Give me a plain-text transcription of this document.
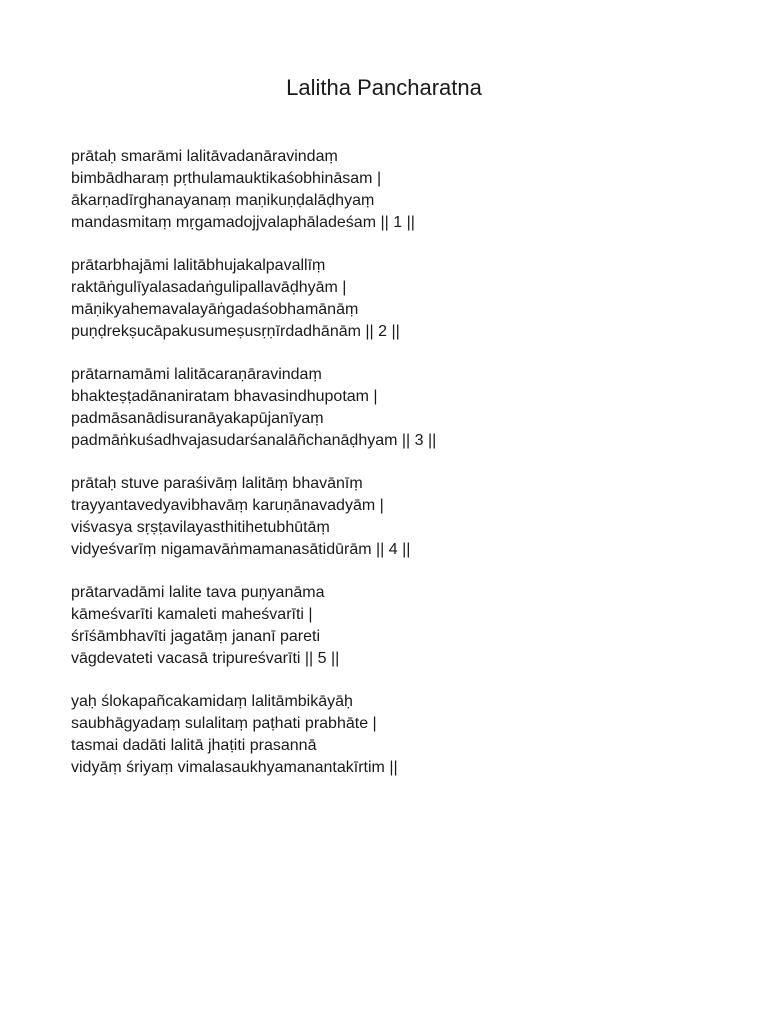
Lalitha Pancharatna
prātaḥ smarāmi lalitāvadanāravindaṃ
bimbādharaṃ pṛthulamauktikaśobhināsam |
ākarṇadīrghanayanaṃ maṇikuṇḍalāḍhyaṃ
mandasmitaṃ mṛgamadojjvalaphāladeśam || 1 ||
prātarbhajāmi lalitābhujakalpavallīṃ
raktāṅgulīyalasadaṅgulipallavāḍhyām |
māṇikyahemavalayāṅgadaśobhamānāṃ
puṇḍrekṣucāpakusumeṣusṛṇīrdadhānām || 2 ||
prātarnamāmi lalitācaraṇāravindaṃ
bhakteṣṭadānaniratam bhavasindhupotam |
padmāsanādisuranāyakapūjanīyaṃ
padmāṅkuśadhvajasudarśanalāñchanāḍhyam || 3 ||
prātaḥ stuve paraśivāṃ lalitāṃ bhavānīṃ
trayyantavedyavibhavāṃ karuṇānavadyām |
viśvasya sṛṣṭavilayasthitihetubhūtāṃ
vidyeśvarīṃ nigamavāṅmamanasātidūrām || 4 ||
prātarvadāmi lalite tava puṇyanāma
kāmeśvarīti kamaleti maheśvarīti |
śrīśāmbhavīti jagatāṃ jananī pareti
vāgdevateti vacasā tripureśvarīti || 5 ||
yaḥ ślokapañcakamidaṃ lalitāmbikāyāḥ
saubhāgyadaṃ sulalitaṃ paṭhati prabhāte |
tasmai dadāti lalitā jhaṭiti prasannā
vidyāṃ śriyaṃ vimalasaukhyamanantakīrtim ||
